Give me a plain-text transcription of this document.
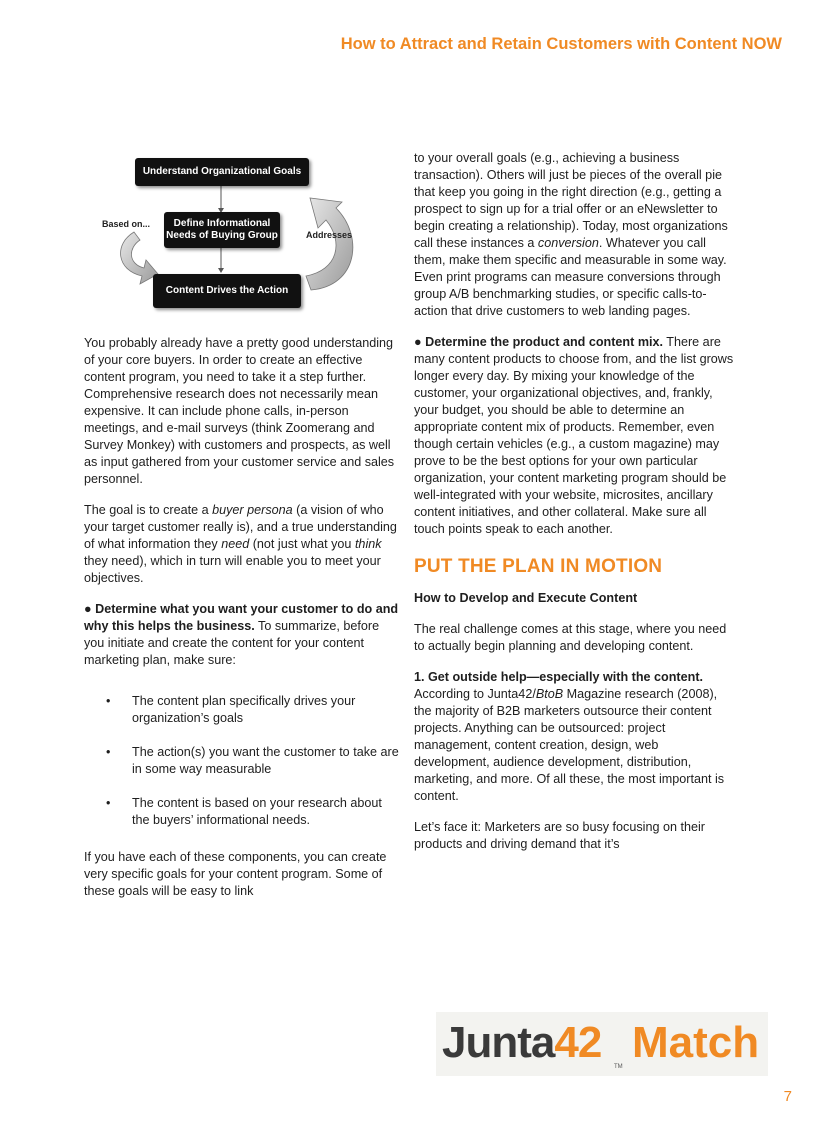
How to Attract and Retain Customers with Content NOW
Understand Organizational Goals
Define Informational
Needs of Buying Group
Content Drives the Action
Based on...
Addresses

You probably already have a pretty good understanding of your core buyers. In order to create an effective content program, you need to take it a step further. Comprehensive research does not necessarily mean expensive. It can include phone calls, in-person meetings, and e-mail surveys (think Zoomerang and Survey Monkey) with customers and prospects, as well as input gathered from your customer service and sales personnel.

The goal is to create a buyer persona (a vision of who your target customer really is), and a true understanding of what information they need (not just what you think they need), which in turn will enable you to meet your objectives.

● Determine what you want your customer to do and why this helps the business. To summarize, before you initiate and create the content for your content marketing plan, make sure:

• The content plan specifically drives your organization’s goals
• The action(s) you want the customer to take are in some way measurable
• The content is based on your research about the buyers’ informational needs.

If you have each of these components, you can create very specific goals for your content program. Some of these goals will be easy to link

to your overall goals (e.g., achieving a business transaction). Others will just be pieces of the overall pie that keep you going in the right direction (e.g., getting a prospect to sign up for a trial offer or an eNewsletter to begin creating a relationship). Today, most organizations call these instances a conversion. Whatever you call them, make them specific and measurable in some way. Even print programs can measure conversions through group A/B benchmarking studies, or specific calls-to-action that drive customers to web landing pages.

● Determine the product and content mix. There are many content products to choose from, and the list grows longer every day. By mixing your knowledge of the customer, your organizational objectives, and, frankly, your budget, you should be able to determine an appropriate content mix of products. Remember, even though certain vehicles (e.g., a custom magazine) may prove to be the best options for your own particular organization, your content marketing program should be well-integrated with your website, microsites, ancillary content initiatives, and other collateral. Make sure all touch points speak to each another.

PUT THE PLAN IN MOTION

How to Develop and Execute Content

The real challenge comes at this stage, where you need to actually begin planning and developing content.

1. Get outside help—especially with the content. According to Junta42/BtoB Magazine research (2008), the majority of B2B marketers outsource their content projects. Anything can be outsourced: project management, content creation, design, web development, audience development, distribution, marketing, and more. Of all these, the most important is content.

Let’s face it: Marketers are so busy focusing on their products and driving demand that it’s

Junta42 Match
TM
7
